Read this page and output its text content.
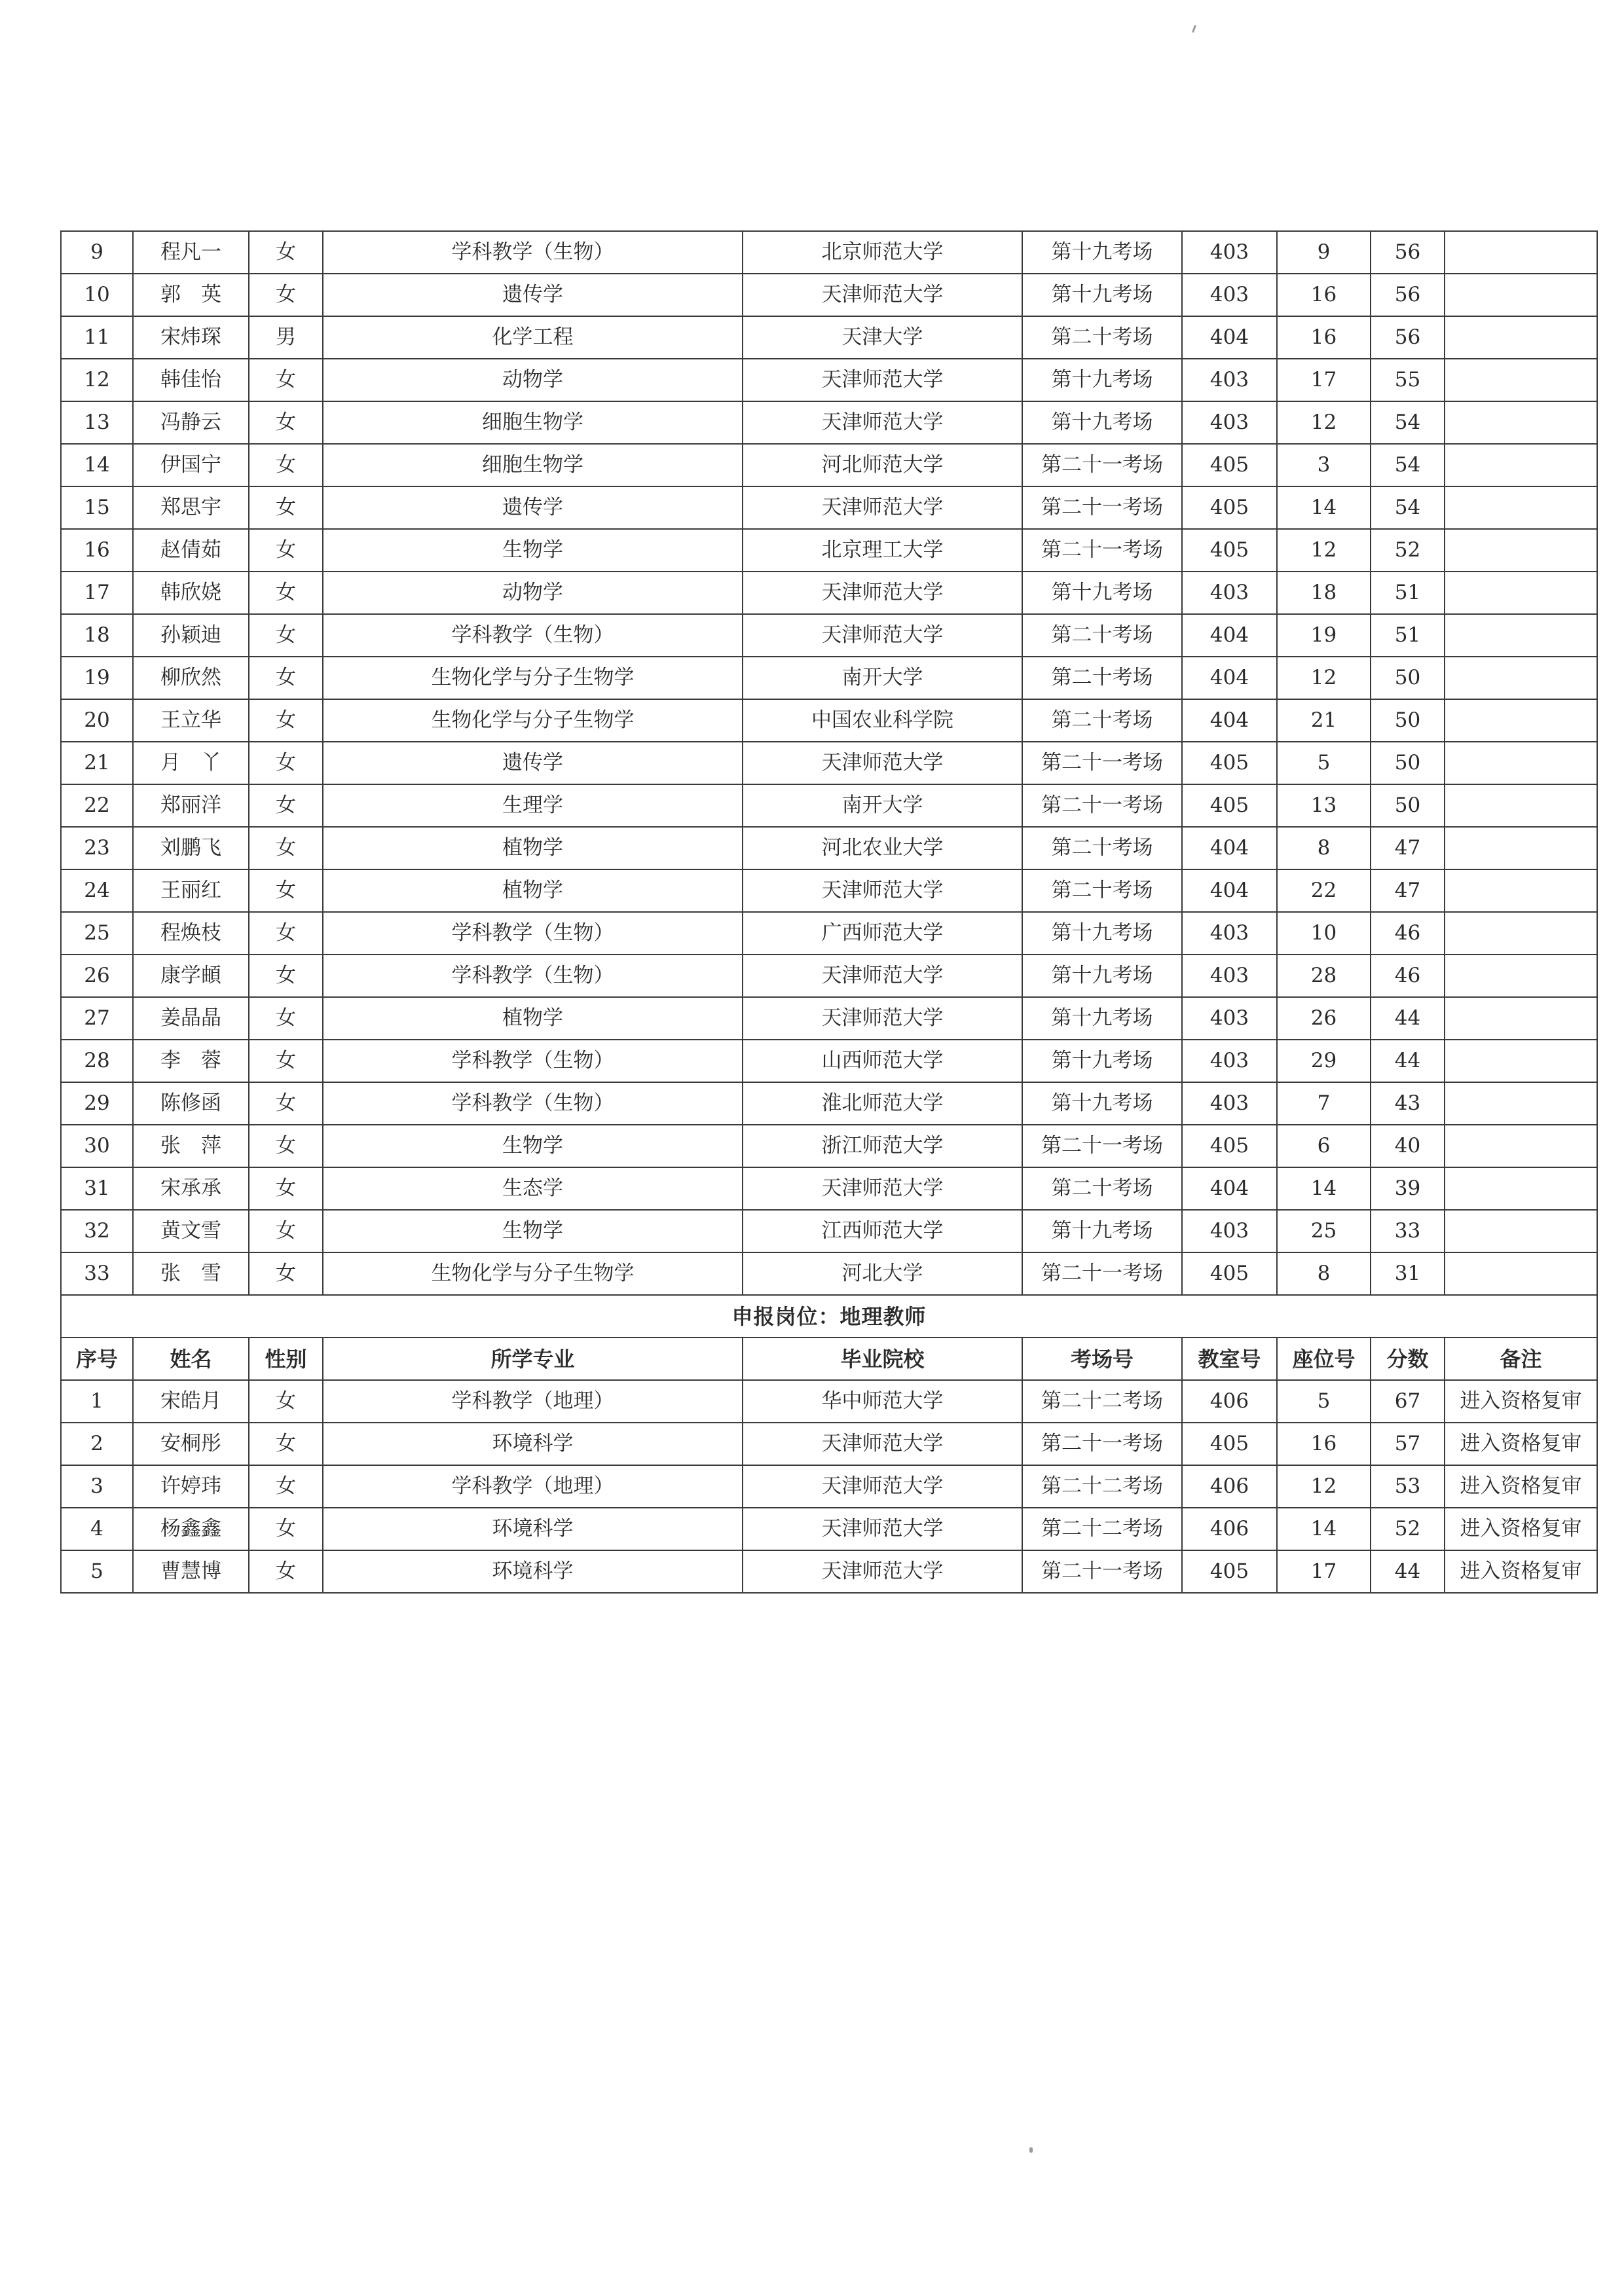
9	程凡一	女	学科教学（生物）	北京师范大学	第十九考场	403	9	56	
10	郭　英	女	遗传学	天津师范大学	第十九考场	403	16	56	
11	宋炜琛	男	化学工程	天津大学	第二十考场	404	16	56	
12	韩佳怡	女	动物学	天津师范大学	第十九考场	403	17	55	
13	冯静云	女	细胞生物学	天津师范大学	第十九考场	403	12	54	
14	伊国宁	女	细胞生物学	河北师范大学	第二十一考场	405	3	54	
15	郑思宇	女	遗传学	天津师范大学	第二十一考场	405	14	54	
16	赵倩茹	女	生物学	北京理工大学	第二十一考场	405	12	52	
17	韩欣娆	女	动物学	天津师范大学	第十九考场	403	18	51	
18	孙颖迪	女	学科教学（生物）	天津师范大学	第二十考场	404	19	51	
19	柳欣然	女	生物化学与分子生物学	南开大学	第二十考场	404	12	50	
20	王立华	女	生物化学与分子生物学	中国农业科学院	第二十考场	404	21	50	
21	月　丫	女	遗传学	天津师范大学	第二十一考场	405	5	50	
22	郑丽洋	女	生理学	南开大学	第二十一考场	405	13	50	
23	刘鹏飞	女	植物学	河北农业大学	第二十考场	404	8	47	
24	王丽红	女	植物学	天津师范大学	第二十考场	404	22	47	
25	程焕枝	女	学科教学（生物）	广西师范大学	第十九考场	403	10	46	
26	康学頔	女	学科教学（生物）	天津师范大学	第十九考场	403	28	46	
27	姜晶晶	女	植物学	天津师范大学	第十九考场	403	26	44	
28	李　蓉	女	学科教学（生物）	山西师范大学	第十九考场	403	29	44	
29	陈修函	女	学科教学（生物）	淮北师范大学	第十九考场	403	7	43	
30	张　萍	女	生物学	浙江师范大学	第二十一考场	405	6	40	
31	宋承承	女	生态学	天津师范大学	第二十考场	404	14	39	
32	黄文雪	女	生物学	江西师范大学	第十九考场	403	25	33	
33	张　雪	女	生物化学与分子生物学	河北大学	第二十一考场	405	8	31	
申报岗位：地理教师									
序号	姓名	性别	所学专业	毕业院校	考场号	教室号	座位号	分数	备注
1	宋皓月	女	学科教学（地理）	华中师范大学	第二十二考场	406	5	67	进入资格复审
2	安桐彤	女	环境科学	天津师范大学	第二十一考场	405	16	57	进入资格复审
3	许婷玮	女	学科教学（地理）	天津师范大学	第二十二考场	406	12	53	进入资格复审
4	杨鑫鑫	女	环境科学	天津师范大学	第二十二考场	406	14	52	进入资格复审
5	曹慧博	女	环境科学	天津师范大学	第二十一考场	405	17	44	进入资格复审
